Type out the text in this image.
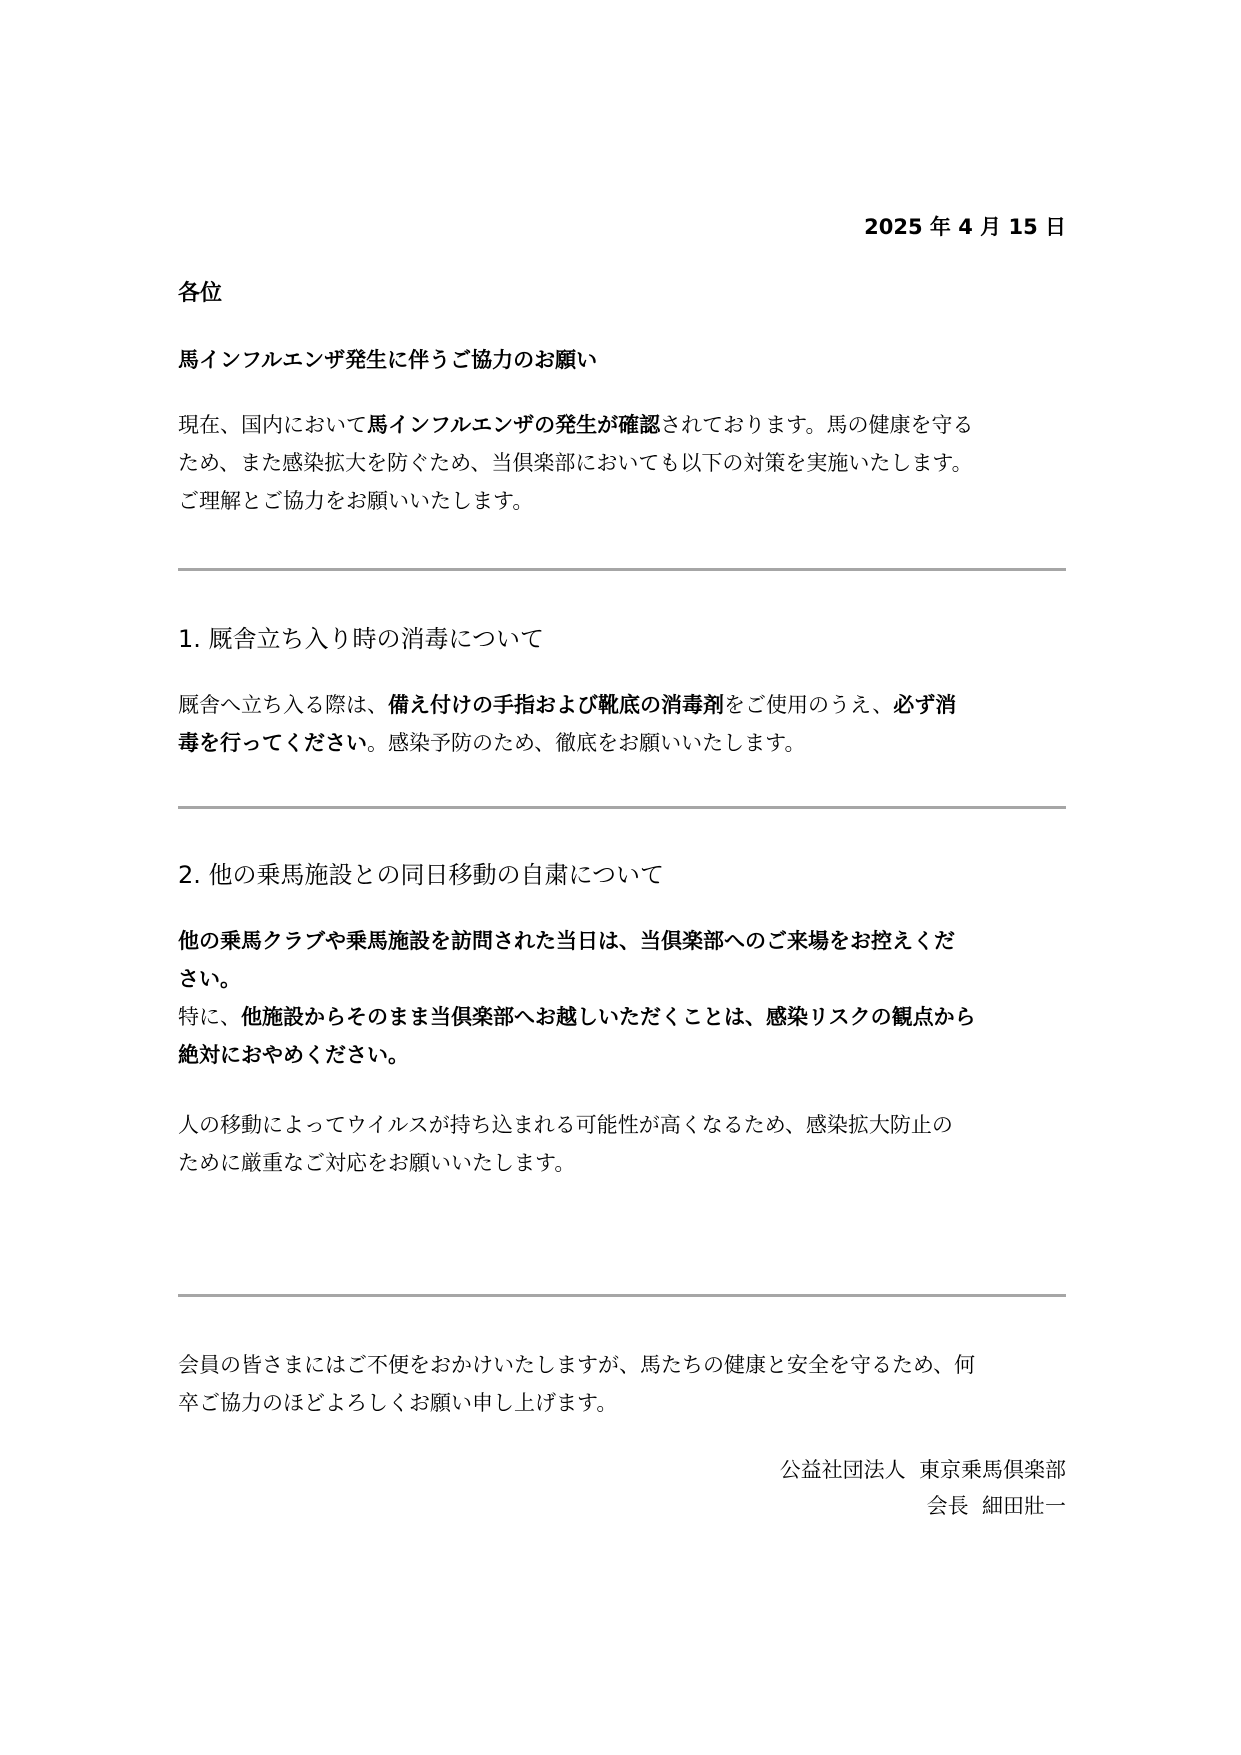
2025 年 4 月 15 日
各位
馬インフルエンザ発生に伴うご協力のお願い
現在、国内において馬インフルエンザの発生が確認されております。馬の健康を守る
ため、また感染拡大を防ぐため、当倶楽部においても以下の対策を実施いたします。
ご理解とご協力をお願いいたします。
1. 厩舎立ち入り時の消毒について
厩舎へ立ち入る際は、備え付けの手指および靴底の消毒剤をご使用のうえ、必ず消
毒を行ってください。感染予防のため、徹底をお願いいたします。
2. 他の乗馬施設との同日移動の自粛について
他の乗馬クラブや乗馬施設を訪問された当日は、当倶楽部へのご来場をお控えくだ
さい。
特に、他施設からそのまま当倶楽部へお越しいただくことは、感染リスクの観点から
絶対におやめください。
人の移動によってウイルスが持ち込まれる可能性が高くなるため、感染拡大防止の
ために厳重なご対応をお願いいたします。
会員の皆さまにはご不便をおかけいたしますが、馬たちの健康と安全を守るため、何
卒ご協力のほどよろしくお願い申し上げます。
公益社団法人  東京乗馬倶楽部
会長  細田壯一
